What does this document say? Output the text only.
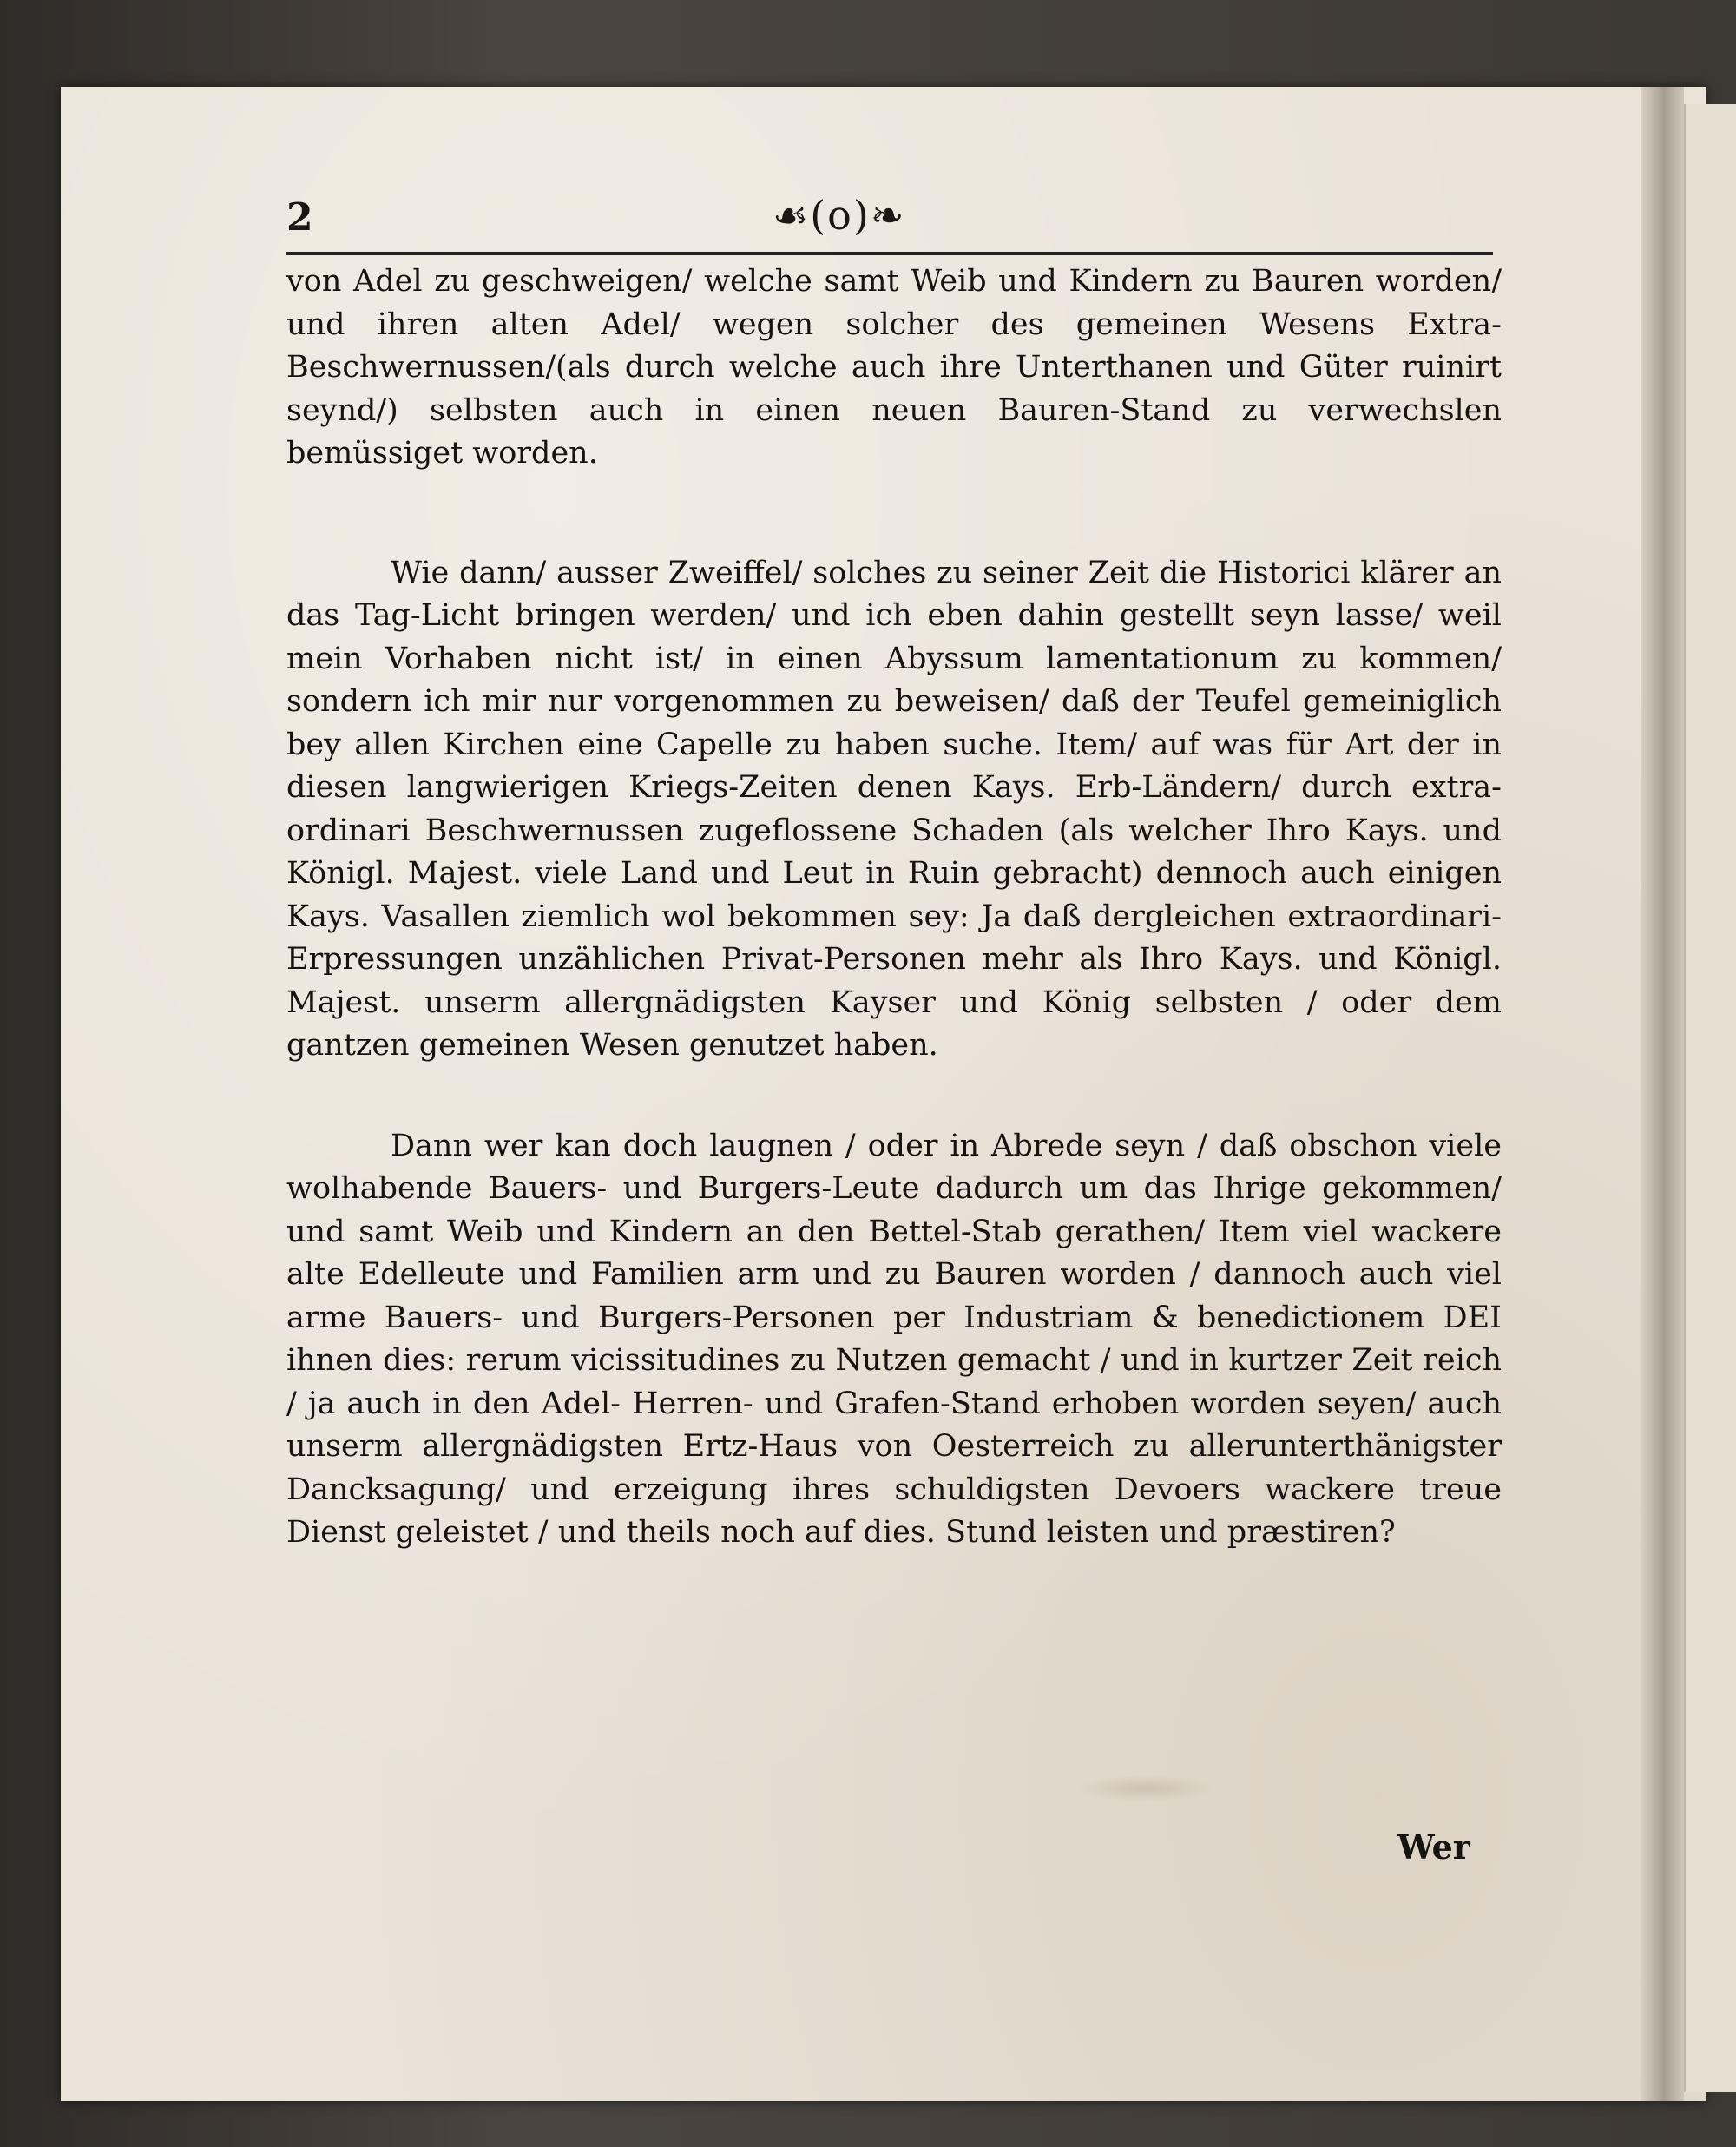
2	☙(o)❧

von Adel zu geschweigen/ welche samt Weib und Kindern zu Bauren worden/ und ihren alten Adel/ wegen solcher des gemeinen Wesens Extra-Beschwernussen/(als durch welche auch ihre Unterthanen und Güter ruinirt seynd/) selbsten auch in einen neuen Bauren-Stand zu verwechslen bemüssiget worden.

Wie dann/ ausser Zweiffel/ solches zu seiner Zeit die Historici klärer an das Tag-Licht bringen werden/ und ich eben dahin gestellt seyn lasse/ weil mein Vorhaben nicht ist/ in einen Abyssum lamentationum zu kommen/ sondern ich mir nur vorgenommen zu beweisen/ daß der Teufel gemeiniglich bey allen Kirchen eine Capelle zu haben suche. Item/ auf was für Art der in diesen langwierigen Kriegs-Zeiten denen Kays. Erb-Ländern/ durch extra-ordinari Beschwernussen zugeflossene Schaden (als welcher Ihro Kays. und Königl. Majest. viele Land und Leut in Ruin gebracht) dennoch auch einigen Kays. Vasallen ziemlich wol bekommen sey: Ja daß dergleichen extraordinari-Erpressungen unzählichen Privat-Personen mehr als Ihro Kays. und Königl. Majest. unserm allergnädigsten Kayser und König selbsten / oder dem gantzen gemeinen Wesen genutzet haben.

Dann wer kan doch laugnen / oder in Abrede seyn / daß obschon viele wolhabende Bauers- und Burgers-Leute dadurch um das Ihrige gekommen/ und samt Weib und Kindern an den Bettel-Stab gerathen/ Item viel wackere alte Edelleute und Familien arm und zu Bauren worden / dannoch auch viel arme Bauers- und Burgers-Personen per Industriam & benedictionem DEI ihnen dies: rerum vicissitudines zu Nutzen gemacht / und in kurtzer Zeit reich / ja auch in den Adel- Herren- und Grafen-Stand erhoben worden seyen/ auch unserm allergnädigsten Ertz-Haus von Oesterreich zu allerunterthänigster Dancksagung/ und erzeigung ihres schuldigsten Devoers wackere treue Dienst geleistet / und theils noch auf dies. Stund leisten und præstiren?

Wer
